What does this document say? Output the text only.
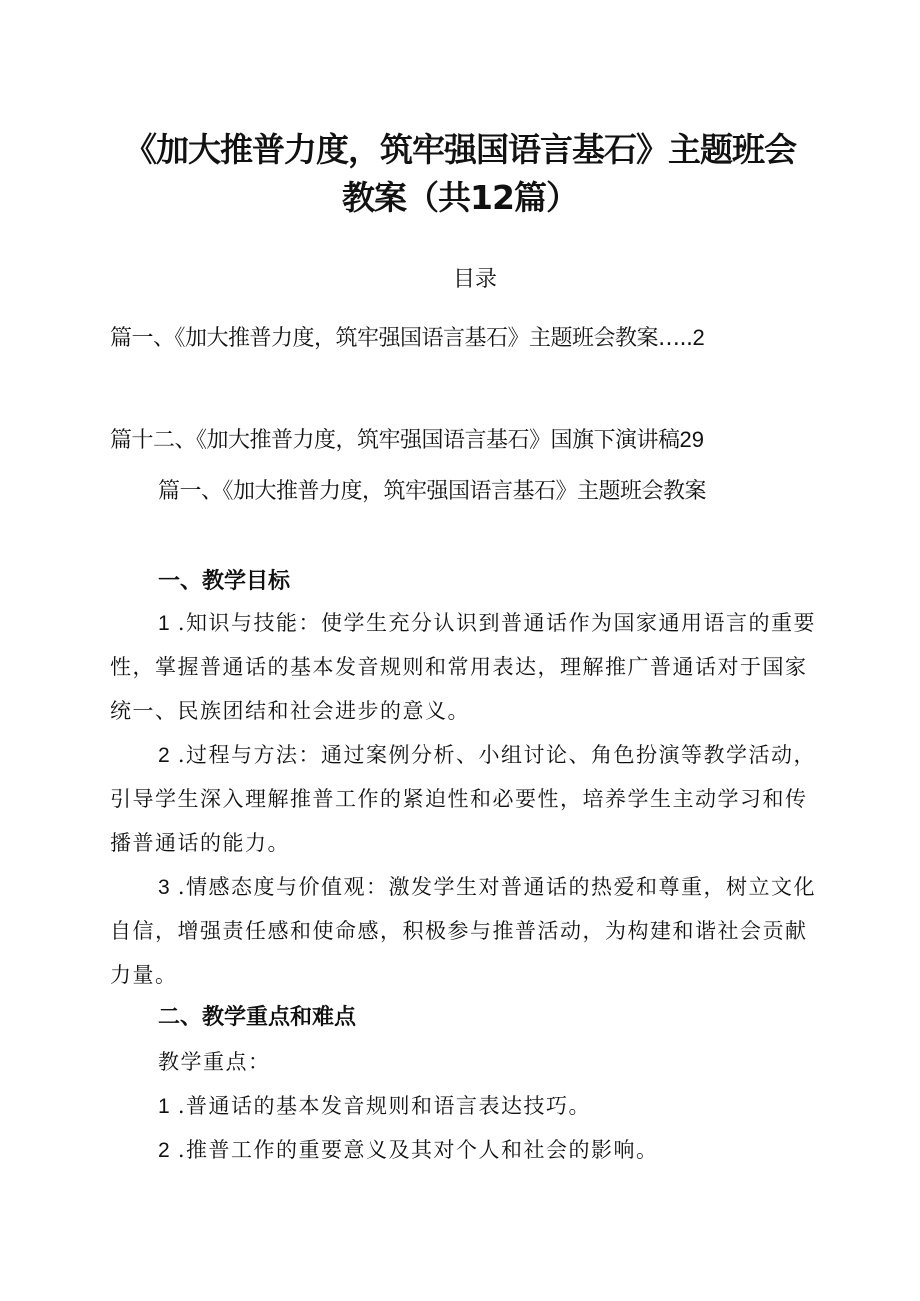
《加大推普力度，筑牢强国语言基石》主题班会
教案（共12篇）
目录
篇一、《加大推普力度，筑牢强国语言基石》主题班会教案…..2
篇十二、《加大推普力度，筑牢强国语言基石》国旗下演讲稿29
篇一、《加大推普力度，筑牢强国语言基石》主题班会教案
一、教学目标
1 .知识与技能：使学生充分认识到普通话作为国家通用语言的重要
性，掌握普通话的基本发音规则和常用表达，理解推广普通话对于国家
统一、民族团结和社会进步的意义。
2 .过程与方法：通过案例分析、小组讨论、角色扮演等教学活动，
引导学生深入理解推普工作的紧迫性和必要性，培养学生主动学习和传
播普通话的能力。
3 .情感态度与价值观：激发学生对普通话的热爱和尊重，树立文化
自信，增强责任感和使命感，积极参与推普活动，为构建和谐社会贡献
力量。
二、教学重点和难点
教学重点：
1 .普通话的基本发音规则和语言表达技巧。
2 .推普工作的重要意义及其对个人和社会的影响。
